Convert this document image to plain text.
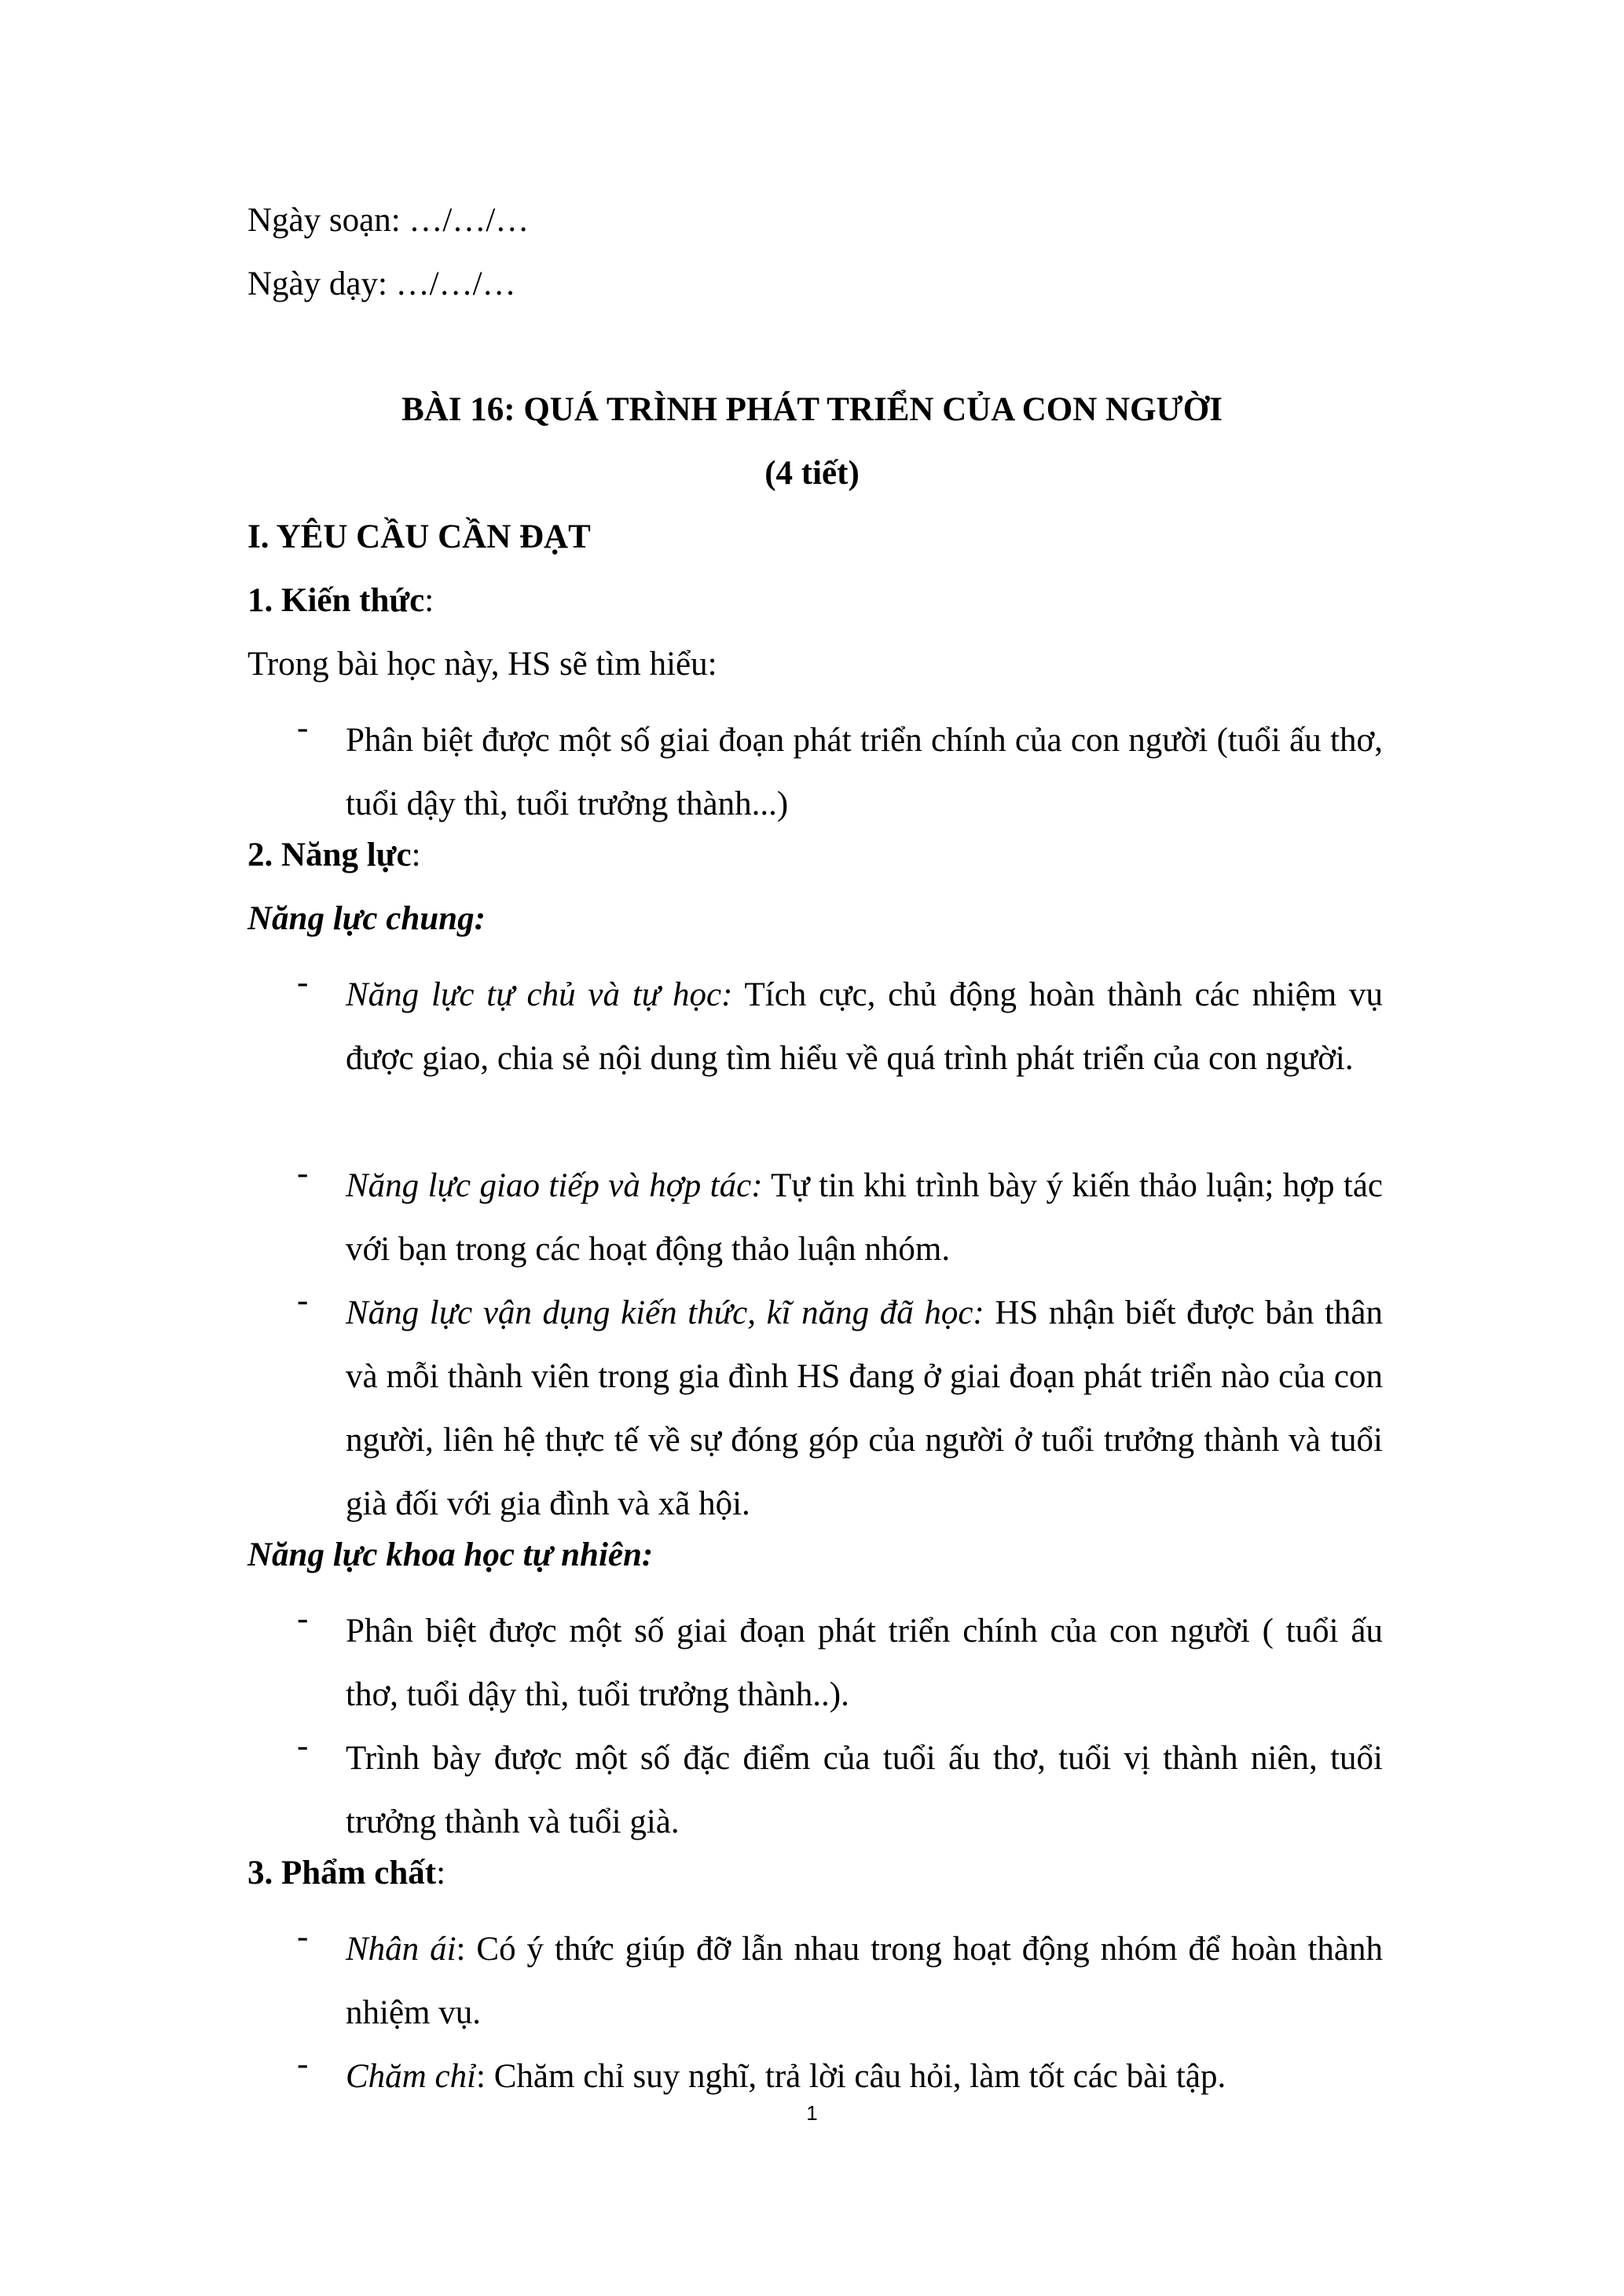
Ngày soạn: …/…/…
Ngày dạy: …/…/…
BÀI 16: QUÁ TRÌNH PHÁT TRIỂN CỦA CON NGƯỜI
(4 tiết)
I. YÊU CẦU CẦN ĐẠT
1. Kiến thức:
Trong bài học này, HS sẽ tìm hiểu:
- Phân biệt được một số giai đoạn phát triển chính của con người (tuổi ấu thơ, tuổi dậy thì, tuổi trưởng thành...)
2. Năng lực:
Năng lực chung:
- Năng lực tự chủ và tự học: Tích cực, chủ động hoàn thành các nhiệm vụ được giao, chia sẻ nội dung tìm hiểu về quá trình phát triển của con người.
- Năng lực giao tiếp và hợp tác: Tự tin khi trình bày ý kiến thảo luận; hợp tác với bạn trong các hoạt động thảo luận nhóm.
- Năng lực vận dụng kiến thức, kĩ năng đã học: HS nhận biết được bản thân và mỗi thành viên trong gia đình HS đang ở giai đoạn phát triển nào của con người, liên hệ thực tế về sự đóng góp của người ở tuổi trưởng thành và tuổi già đối với gia đình và xã hội.
Năng lực khoa học tự nhiên:
- Phân biệt được một số giai đoạn phát triển chính của con người ( tuổi ấu thơ, tuổi dậy thì, tuổi trưởng thành..).
- Trình bày được một số đặc điểm của tuổi ấu thơ, tuổi vị thành niên, tuổi trưởng thành và tuổi già.
3. Phẩm chất:
- Nhân ái: Có ý thức giúp đỡ lẫn nhau trong hoạt động nhóm để hoàn thành nhiệm vụ.
- Chăm chỉ: Chăm chỉ suy nghĩ, trả lời câu hỏi, làm tốt các bài tập.
1
